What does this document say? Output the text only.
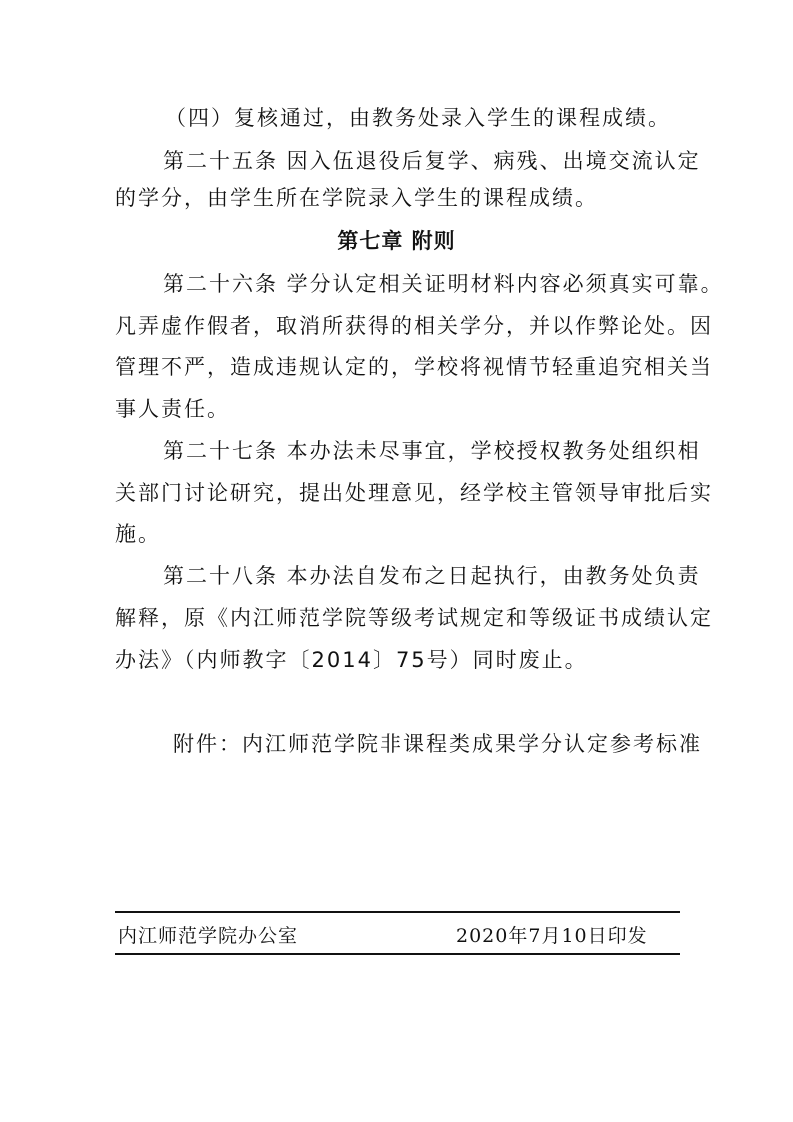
（四）复核通过，由教务处录入学生的课程成绩。
第二十五条 因入伍退役后复学、病残、出境交流认定
的学分，由学生所在学院录入学生的课程成绩。
第七章 附则
第二十六条 学分认定相关证明材料内容必须真实可靠。
凡弄虚作假者，取消所获得的相关学分，并以作弊论处。因
管理不严，造成违规认定的，学校将视情节轻重追究相关当
事人责任。
第二十七条 本办法未尽事宜，学校授权教务处组织相
关部门讨论研究，提出处理意见，经学校主管领导审批后实
施。
第二十八条 本办法自发布之日起执行，由教务处负责
解释，原《内江师范学院等级考试规定和等级证书成绩认定
办法》（内师教字〔2014〕75号）同时废止。
附件：内江师范学院非课程类成果学分认定参考标准
内江师范学院办公室	2020年7月10日印发
